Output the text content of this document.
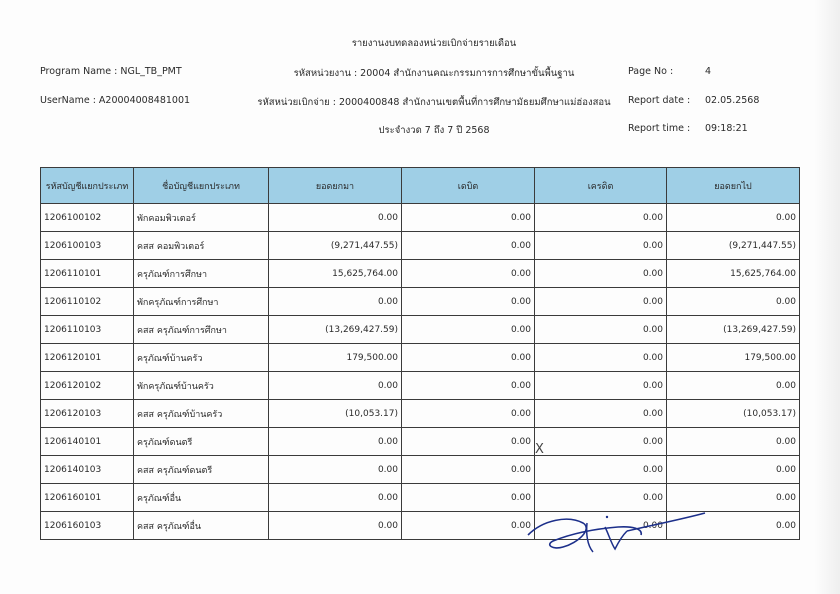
รายงานงบทดลองหน่วยเบิกจ่ายรายเดือน
Program Name : NGL_TB_PMT	รหัสหน่วยงาน : 20004 สำนักงานคณะกรรมการการศึกษาขั้นพื้นฐาน	Page No :	4
UserName : A20004008481001	รหัสหน่วยเบิกจ่าย : 2000400848 สำนักงานเขตพื้นที่การศึกษามัธยมศึกษาแม่ฮ่องสอน Report date : 02.05.2568
ประจำงวด 7 ถึง 7 ปี 2568	Report time : 09:18:21
รหัสบัญชีแยกประเภท	ชื่อบัญชีแยกประเภท	ยอดยกมา	เดบิต	เครดิต	ยอดยกไป
1206100102	พักคอมพิวเตอร์	0.00	0.00	0.00	0.00
1206100103	คสส คอมพิวเตอร์	(9,271,447.55)	0.00	0.00	(9,271,447.55)
1206110101	ครุภัณฑ์การศึกษา	15,625,764.00	0.00	0.00	15,625,764.00
1206110102	พักครุภัณฑ์การศึกษา	0.00	0.00	0.00	0.00
1206110103	คสส ครุภัณฑ์การศึกษา	(13,269,427.59)	0.00	0.00	(13,269,427.59)
1206120101	ครุภัณฑ์บ้านครัว	179,500.00	0.00	0.00	179,500.00
1206120102	พักครุภัณฑ์บ้านครัว	0.00	0.00	0.00	0.00
1206120103	คสส ครุภัณฑ์บ้านครัว	(10,053.17)	0.00	0.00	(10,053.17)
1206140101	ครุภัณฑ์ดนตรี	0.00	0.00	0.00	0.00
1206140103	คสส ครุภัณฑ์ดนตรี	0.00	0.00	0.00	0.00
1206160101	ครุภัณฑ์อื่น	0.00	0.00	0.00	0.00
1206160103	คสส ครุภัณฑ์อื่น	0.00	0.00	0.00	0.00
X
